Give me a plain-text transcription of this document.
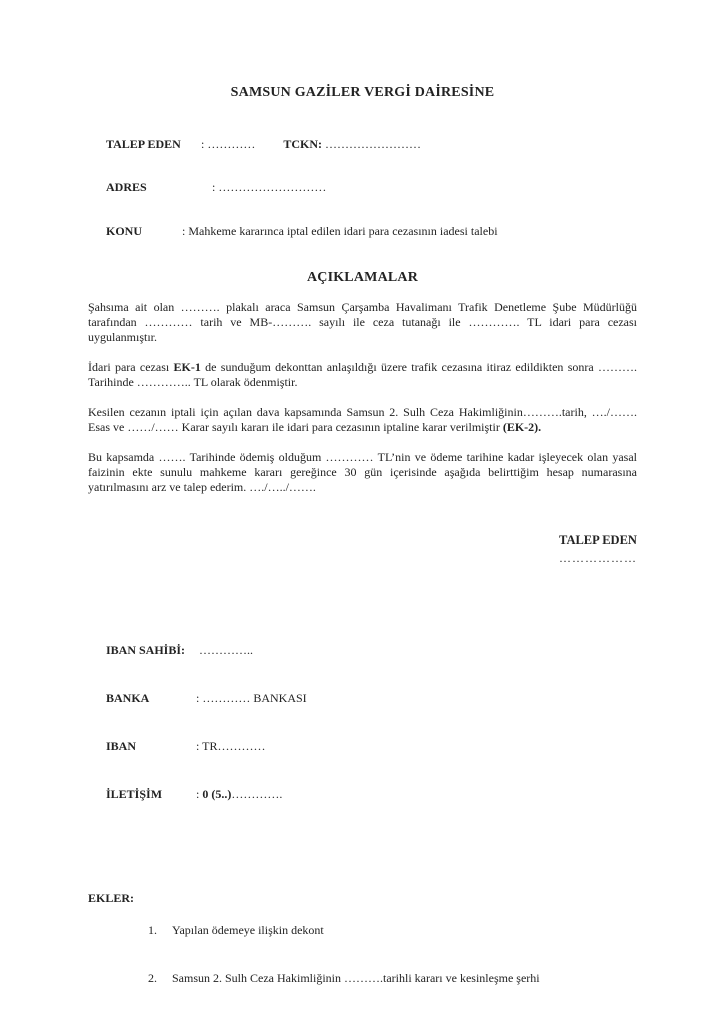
SAMSUN GAZİLER VERGİ DAİRESİNE

TALEP EDEN : ………… TCKN: ……………………

ADRES	: ………………………

KONU	: Mahkeme kararınca iptal edilen idari para cezasının iadesi talebi

AÇIKLAMALAR

Şahsıma ait olan ………. plakalı araca Samsun Çarşamba Havalimanı Trafik Denetleme Şube Müdürlüğü tarafından ………… tarih ve MB-………. sayılı ile ceza tutanağı ile …………. TL idari para cezası uygulanmıştır.

İdari para cezası EK-1 de sunduğum dekonttan anlaşıldığı üzere trafik cezasına itiraz edildikten sonra ………. Tarihinde ………….. TL olarak ödenmiştir.

Kesilen cezanın iptali için açılan dava kapsamında Samsun 2. Sulh Ceza Hakimliğinin……….tarih, …./……. Esas ve ……/…… Karar sayılı kararı ile idari para cezasının iptaline karar verilmiştir (EK-2).

Bu kapsamda ……. Tarihinde ödemiş olduğum ………… TL’nin ve ödeme tarihine kadar işleyecek olan yasal faizinin ekte sunulu mahkeme kararı gereğince 30 gün içerisinde aşağıda belirttiğim hesap numarasına yatırılmasını arz ve talep ederim. …./…../…….

TALEP EDEN
………………

IBAN SAHİBİ: …………..

BANKA	: ………… BANKASI

IBAN	: TR…………

İLETİŞİM	: 0 (5..)………….

EKLER:

1. Yapılan ödemeye ilişkin dekont

2. Samsun 2. Sulh Ceza Hakimliğinin ……….tarihli kararı ve kesinleşme şerhi
